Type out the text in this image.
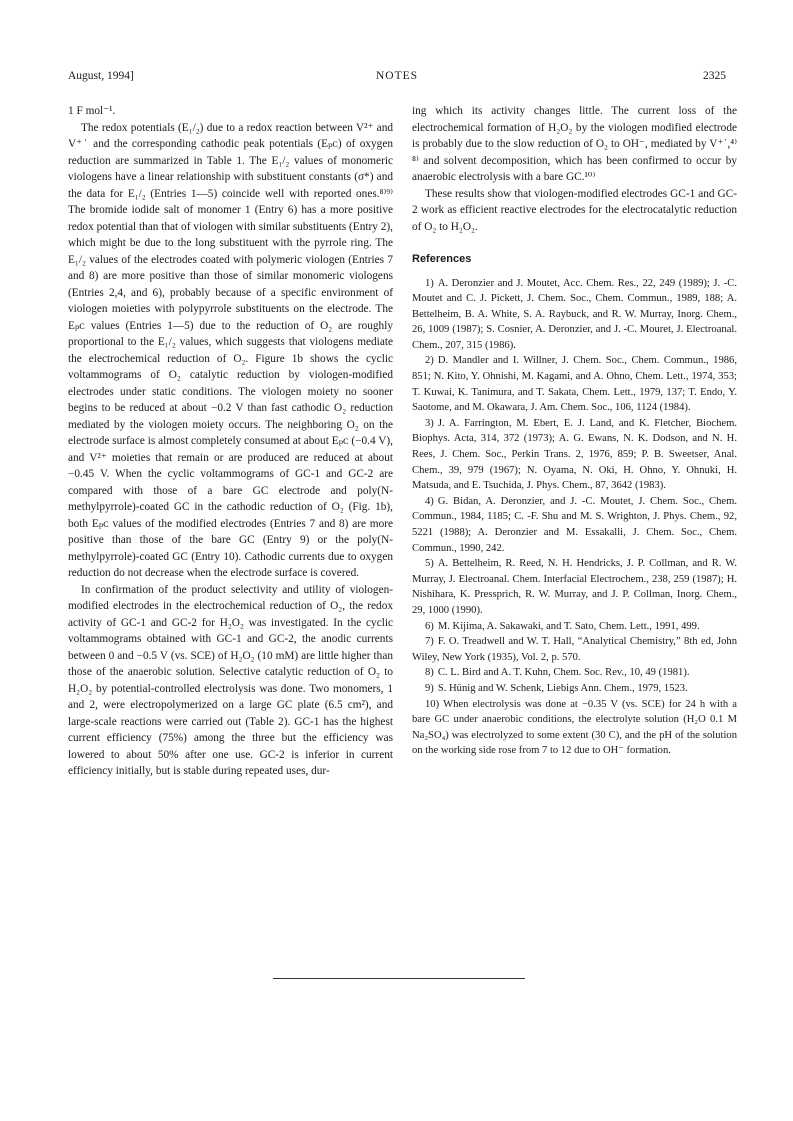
August, 1994]	NOTES	2325

1 F mol⁻¹.

The redox potentials (E₁/₂) due to a redox reaction between V²⁺ and V⁺˙ and the corresponding cathodic peak potentials (Eₚᴄ) of oxygen reduction are summarized in Table 1. The E₁/₂ values of monomeric viologens have a linear relationship with substituent constants (σ*) and the data for E₁/₂ (Entries 1—5) coincide well with reported ones.⁸⁾⁹⁾ The bromide iodide salt of monomer 1 (Entry 6) has a more positive redox potential than that of viologen with similar substituents (Entry 2), which might be due to the long substituent with the pyrrole ring. The E₁/₂ values of the electrodes coated with polymeric viologen (Entries 7 and 8) are more positive than those of similar monomeric viologens (Entries 2,4, and 6), probably because of a specific environment of viologen moieties with polypyrrole substituents on the electrode. The Eₚᴄ values (Entries 1—5) due to the reduction of O₂ are roughly proportional to the E₁/₂ values, which suggests that viologens mediate the electrochemical reduction of O₂. Figure 1b shows the cyclic voltammograms of O₂ catalytic reduction by viologen-modified electrodes under static conditions. The viologen moiety no sooner begins to be reduced at about −0.2 V than fast cathodic O₂ reduction mediated by the viologen moiety occurs. The neighboring O₂ on the electrode surface is almost completely consumed at about Eₚᴄ (−0.4 V), and V²⁺ moieties that remain or are produced are reduced at about −0.45 V. When the cyclic voltammograms of GC-1 and GC-2 are compared with those of a bare GC electrode and poly(N-methylpyrrole)-coated GC in the cathodic reduction of O₂ (Fig. 1b), both Eₚᴄ values of the modified electrodes (Entries 7 and 8) are more positive than those of the bare GC (Entry 9) or the poly(N-methylpyrrole)-coated GC (Entry 10). Cathodic currents due to oxygen reduction do not decrease when the electrode surface is covered.

In confirmation of the product selectivity and utility of viologen-modified electrodes in the electrochemical reduction of O₂, the redox activity of GC-1 and GC-2 for H₂O₂ was investigated. In the cyclic voltammograms obtained with GC-1 and GC-2, the anodic currents between 0 and −0.5 V (vs. SCE) of H₂O₂ (10 mM) are little higher than those of the anaerobic solution. Selective catalytic reduction of O₂ to H₂O₂ by potential-controlled electrolysis was done. Two monomers, 1 and 2, were electropolymerized on a large GC plate (6.5 cm²), and large-scale reactions were carried out (Table 2). GC-1 has the highest current efficiency (75%) among the three but the efficiency was lowered to about 50% after one use. GC-2 is inferior in current efficiency initially, but is stable during repeated uses, dur-

ing which its activity changes little. The current loss of the electrochemical formation of H₂O₂ by the viologen modified electrode is probably due to the slow reduction of O₂ to OH⁻, mediated by V⁺˙,⁴⁾⁸⁾ and solvent decomposition, which has been confirmed to occur by anaerobic electrolysis with a bare GC.¹⁰⁾

These results show that viologen-modified electrodes GC-1 and GC-2 work as efficient reactive electrodes for the electrocatalytic reduction of O₂ to H₂O₂.

References

1) A. Deronzier and J. Moutet, Acc. Chem. Res., 22, 249 (1989); J. -C. Moutet and C. J. Pickett, J. Chem. Soc., Chem. Commun., 1989, 188; A. Bettelheim, B. A. White, S. A. Raybuck, and R. W. Murray, Inorg. Chem., 26, 1009 (1987); S. Cosnier, A. Deronzier, and J. -C. Mouret, J. Electroanal. Chem., 207, 315 (1986).

2) D. Mandler and I. Willner, J. Chem. Soc., Chem. Commun., 1986, 851; N. Kito, Y. Ohnishi, M. Kagami, and A. Ohno, Chem. Lett., 1974, 353; T. Kuwai, K. Tanimura, and T. Sakata, Chem. Lett., 1979, 137; T. Endo, Y. Saotome, and M. Okawara, J. Am. Chem. Soc., 106, 1124 (1984).

3) J. A. Farrington, M. Ebert, E. J. Land, and K. Fletcher, Biochem. Biophys. Acta, 314, 372 (1973); A. G. Ewans, N. K. Dodson, and N. H. Rees, J. Chem. Soc., Perkin Trans. 2, 1976, 859; P. B. Sweetser, Anal. Chem., 39, 979 (1967); N. Oyama, N. Oki, H. Ohno, Y. Ohnuki, H. Matsuda, and E. Tsuchida, J. Phys. Chem., 87, 3642 (1983).

4) G. Bidan, A. Deronzier, and J. -C. Moutet, J. Chem. Soc., Chem. Commun., 1984, 1185; C. -F. Shu and M. S. Wrighton, J. Phys. Chem., 92, 5221 (1988); A. Deronzier and M. Essakalli, J. Chem. Soc., Chem. Commun., 1990, 242.

5) A. Bettelheim, R. Reed, N. H. Hendricks, J. P. Collman, and R. W. Murray, J. Electroanal. Chem. Interfacial Electrochem., 238, 259 (1987); H. Nishihara, K. Pressprich, R. W. Murray, and J. P. Collman, Inorg. Chem., 29, 1000 (1990).

6) M. Kijima, A. Sakawaki, and T. Sato, Chem. Lett., 1991, 499.

7) F. O. Treadwell and W. T. Hall, “Analytical Chemistry,” 8th ed, John Wiley, New York (1935), Vol. 2, p. 570.

8) C. L. Bird and A. T. Kuhn, Chem. Soc. Rev., 10, 49 (1981).

9) S. Hünig and W. Schenk, Liebigs Ann. Chem., 1979, 1523.

10) When electrolysis was done at −0.35 V (vs. SCE) for 24 h with a bare GC under anaerobic conditions, the electrolyte solution (H₂O 0.1 M Na₂SO₄) was electrolyzed to some extent (30 C), and the pH of the solution on the working side rose from 7 to 12 due to OH⁻ formation.
